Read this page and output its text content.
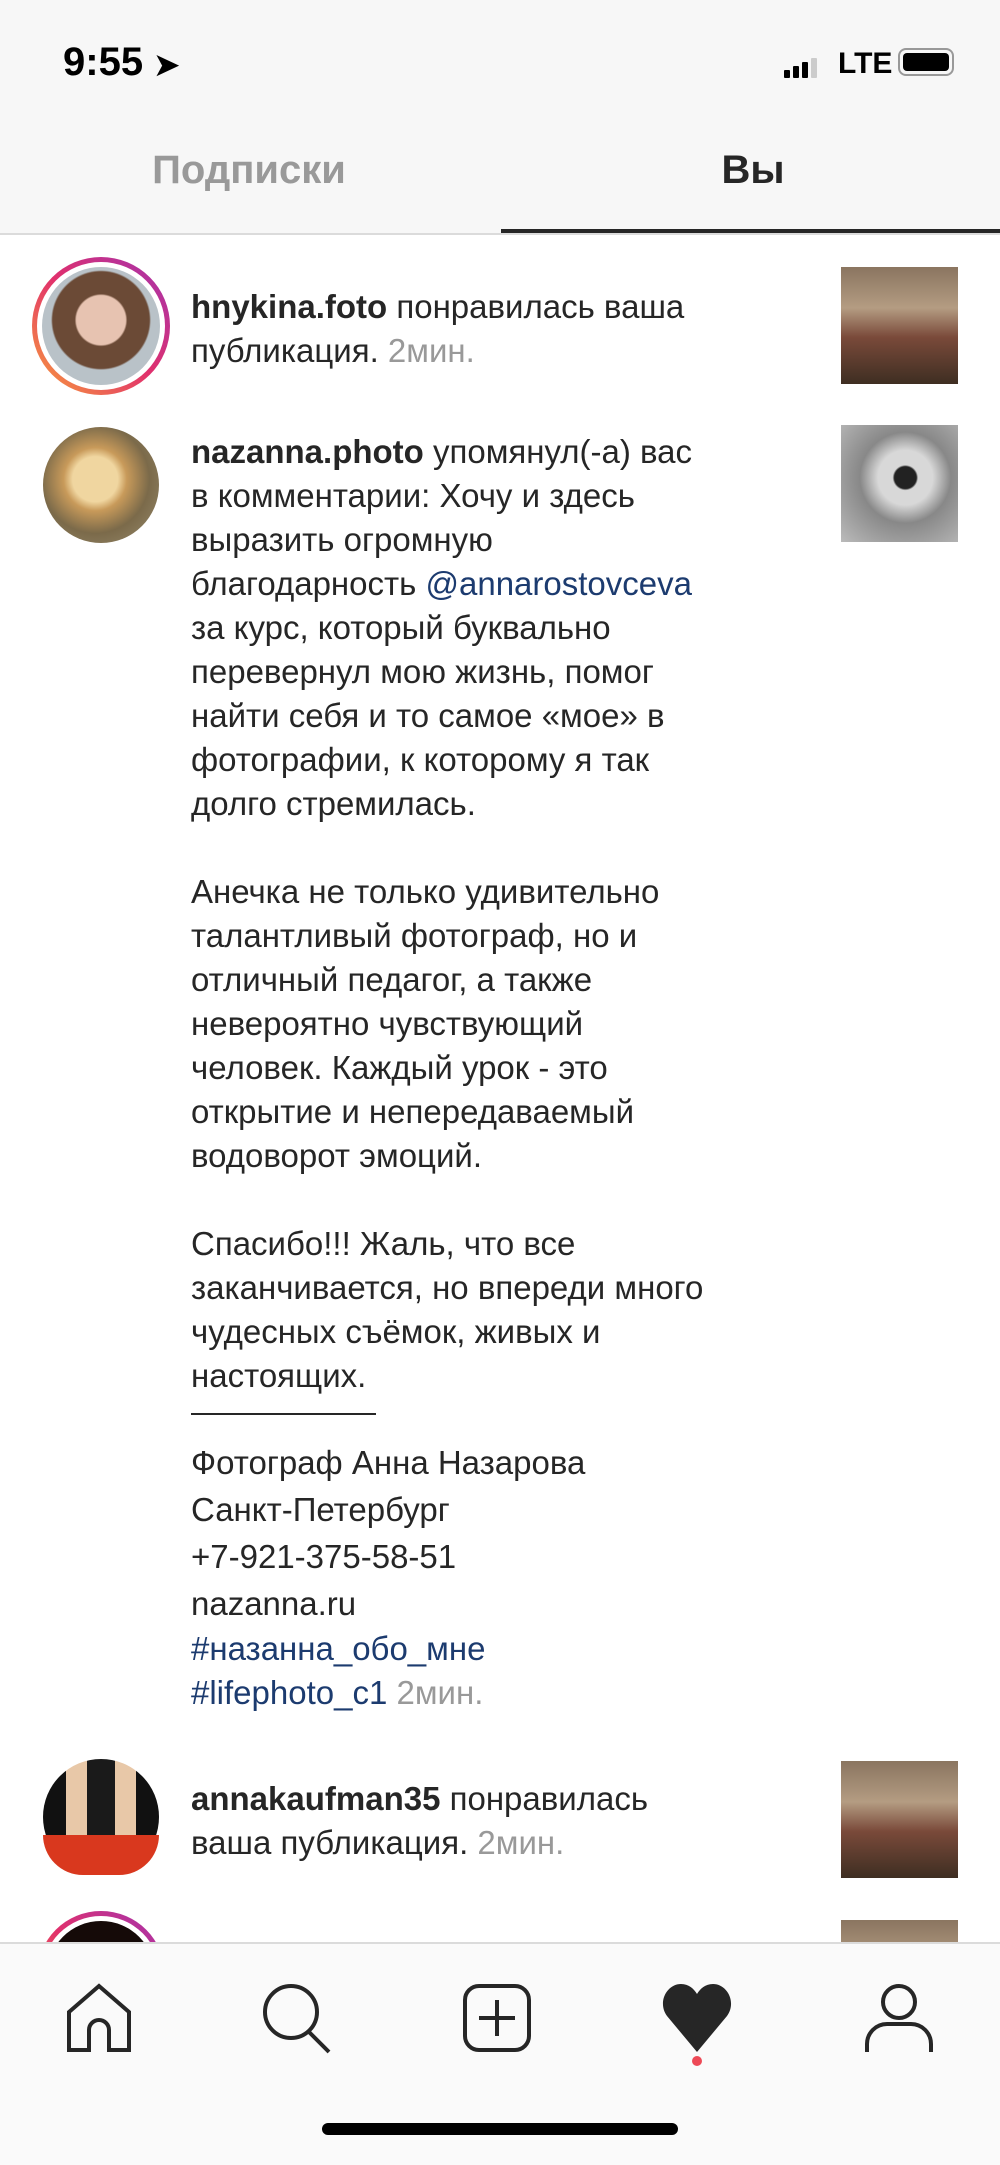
9:55 ➤	LTE
Подписки	Вы
hnykina.foto понравилась ваша
публикация. 2мин.
nazanna.photo упомянул(-а) вас
в комментарии: Хочу и здесь
выразить огромную
благодарность @annarostovceva
за курс, который буквально
перевернул мою жизнь, помог
найти себя и то самое «мое» в
фотографии, к которому я так
долго стремилась.
Анечка не только удивительно
талантливый фотограф, но и
отличный педагог, а также
невероятно чувствующий
человек. Каждый урок - это
открытие и непередаваемый
водоворот эмоций.
Спасибо!!! Жаль, что все
заканчивается, но впереди много
чудесных съёмок, живых и
настоящих.
Фотограф Анна Назарова
Санкт-Петербург
+7-921-375-58-51
nazanna.ru
#назанна_обо_мне
#lifephoto_c1 2мин.
annakaufman35 понравилась
ваша публикация. 2мин.
